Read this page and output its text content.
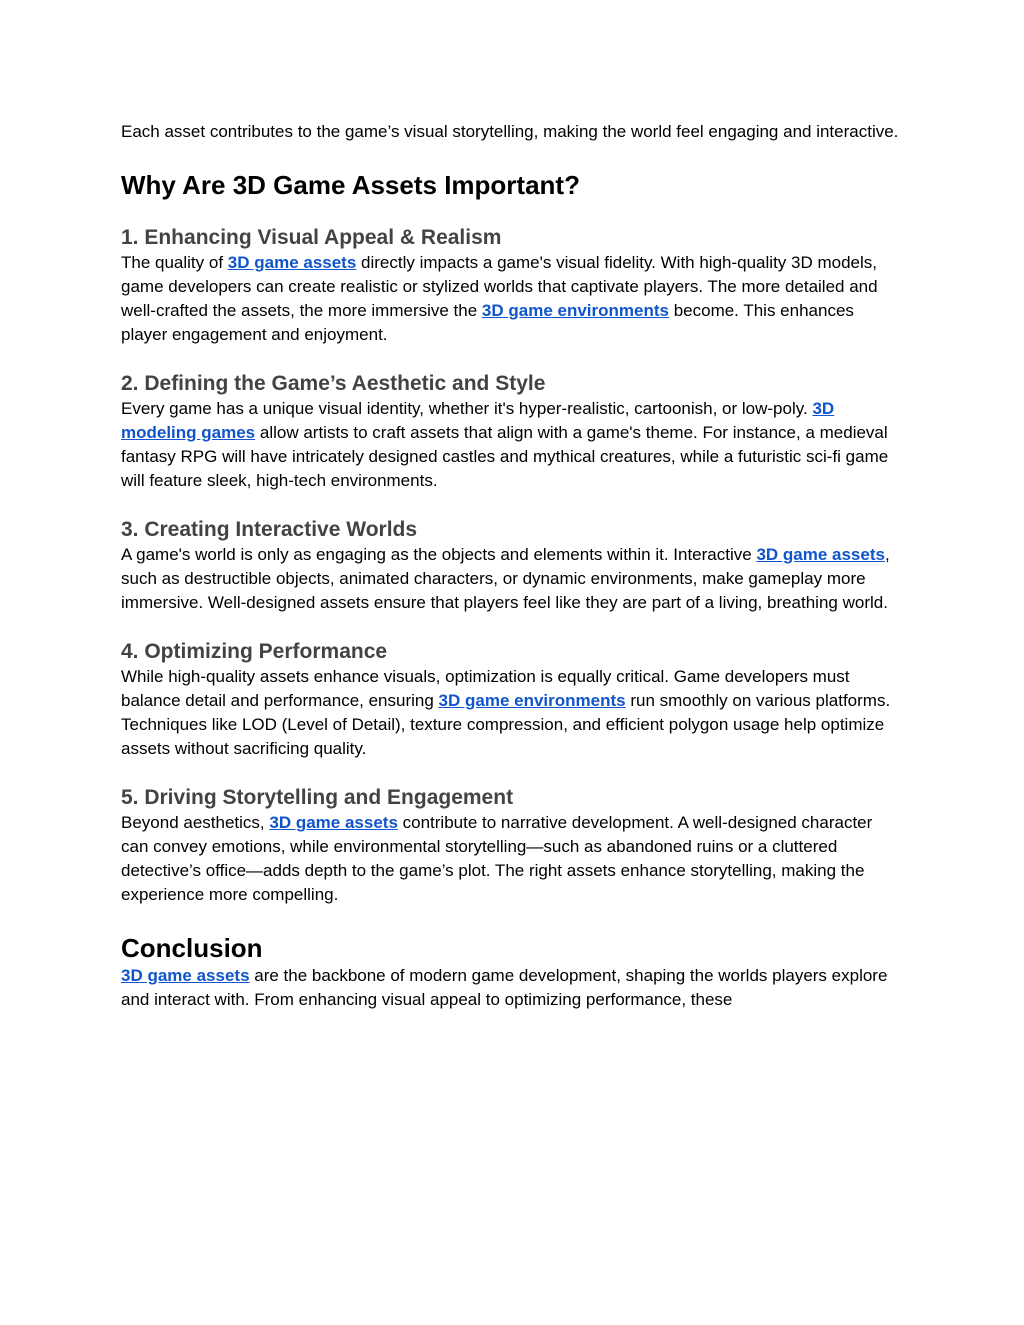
Each asset contributes to the game’s visual storytelling, making the world feel engaging and interactive.

Why Are 3D Game Assets Important?
1. Enhancing Visual Appeal & Realism

The quality of 3D game assets directly impacts a game's visual fidelity. With high-quality 3D models, game developers can create realistic or stylized worlds that captivate players. The more detailed and well-crafted the assets, the more immersive the 3D game environments become. This enhances player engagement and enjoyment.

2. Defining the Game’s Aesthetic and Style

Every game has a unique visual identity, whether it's hyper-realistic, cartoonish, or low-poly. 3D modeling games allow artists to craft assets that align with a game's theme. For instance, a medieval fantasy RPG will have intricately designed castles and mythical creatures, while a futuristic sci-fi game will feature sleek, high-tech environments.

3. Creating Interactive Worlds

A game's world is only as engaging as the objects and elements within it. Interactive 3D game assets, such as destructible objects, animated characters, or dynamic environments, make gameplay more immersive. Well-designed assets ensure that players feel like they are part of a living, breathing world.

4. Optimizing Performance

While high-quality assets enhance visuals, optimization is equally critical. Game developers must balance detail and performance, ensuring 3D game environments run smoothly on various platforms. Techniques like LOD (Level of Detail), texture compression, and efficient polygon usage help optimize assets without sacrificing quality.

5. Driving Storytelling and Engagement

Beyond aesthetics, 3D game assets contribute to narrative development. A well-designed character can convey emotions, while environmental storytelling—such as abandoned ruins or a cluttered detective’s office—adds depth to the game’s plot. The right assets enhance storytelling, making the experience more compelling.

Conclusion

3D game assets are the backbone of modern game development, shaping the worlds players explore and interact with. From enhancing visual appeal to optimizing performance, these
